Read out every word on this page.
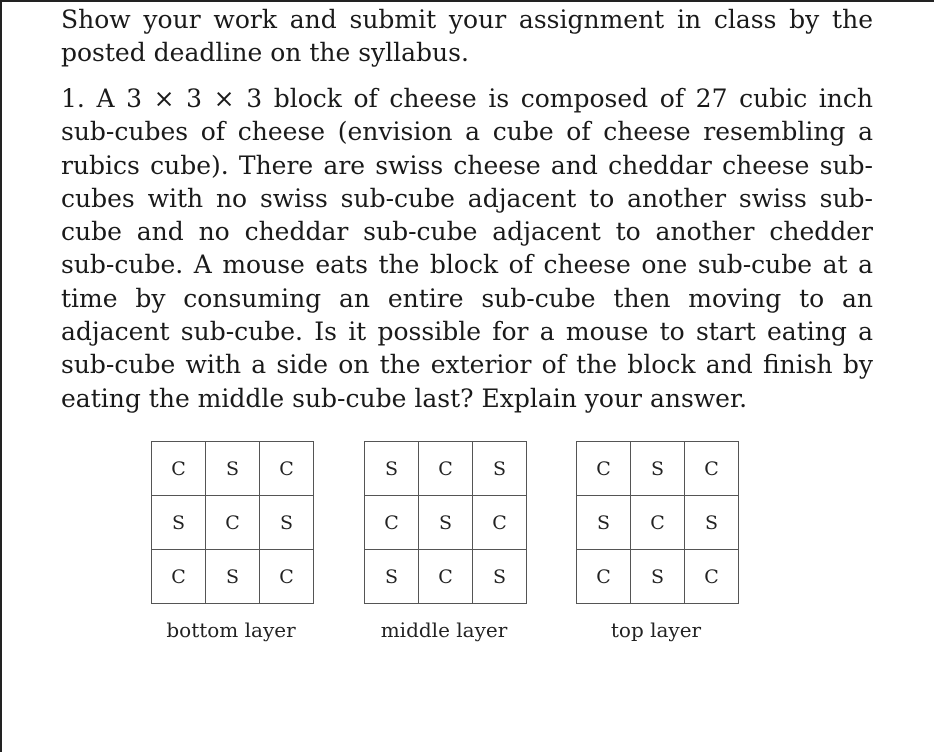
Show your work and submit your assignment in class by the posted deadline on the syllabus.

1. A 3 × 3 × 3 block of cheese is composed of 27 cubic inch sub-cubes of cheese (envision a cube of cheese resembling a rubics cube). There are swiss cheese and cheddar cheese sub-cubes with no swiss sub-cube adjacent to another swiss sub-cube and no cheddar sub-cube adjacent to another chedder sub-cube. A mouse eats the block of cheese one sub-cube at a time by consuming an entire sub-cube then moving to an adjacent sub-cube. Is it possible for a mouse to start eating a sub-cube with a side on the exterior of the block and finish by eating the middle sub-cube last? Explain your answer.

C	S	C
S	C	S
C	S	C
bottom layer
S	C	S
C	S	C
S	C	S
middle layer
C	S	C
S	C	S
C	S	C
top layer
